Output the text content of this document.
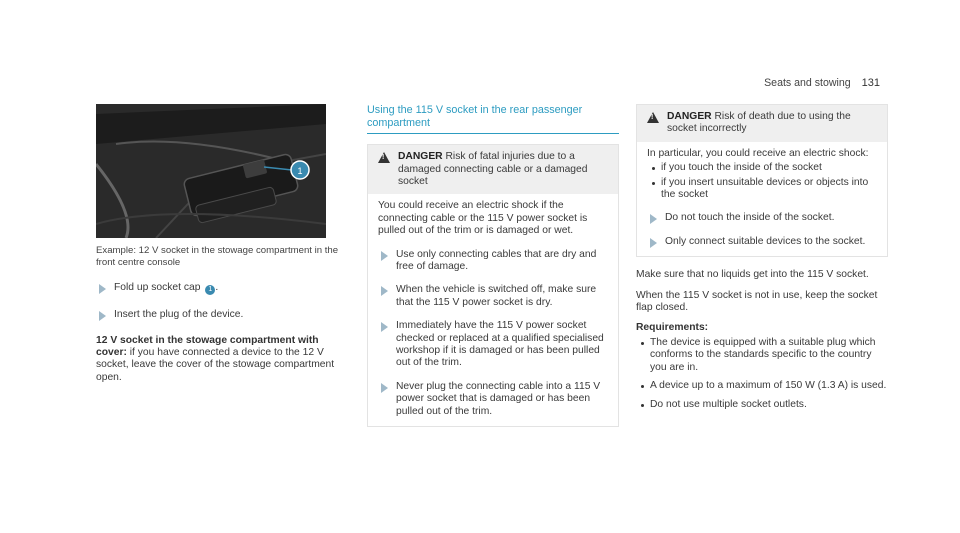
Seats and stowing 131
1
Example: 12 V socket in the stowage compartment in the front centre console
Fold up socket cap 1 .
Insert the plug of the device.
12 V socket in the stowage compartment with
cover: if you have connected a device to the 12 V socket, leave the cover of the stowage compartment open.
Using the 115 V socket in the rear passenger compartment
!
DANGER Risk of fatal injuries due to a damaged connecting cable or a damaged socket
You could receive an electric shock if the connecting cable or the 115 V power socket is pulled out of the trim or is damaged or wet.
Use only connecting cables that are dry and free of damage.
When the vehicle is switched off, make sure that the 115 V power socket is dry.
Immediately have the 115 V power socket checked or replaced at a qualified specialised workshop if it is damaged or has been pulled out of the trim.
Never plug the connecting cable into a 115 V power socket that is damaged or has been pulled out of the trim.
!
DANGER Risk of death due to using the socket incorrectly
In particular, you could receive an electric shock:
if you touch the inside of the socket
if you insert unsuitable devices or objects into the socket
Do not touch the inside of the socket.
Only connect suitable devices to the socket.
Make sure that no liquids get into the 115 V socket.
When the 115 V socket is not in use, keep the socket flap closed.
Requirements:
The device is equipped with a suitable plug which conforms to the standards specific to the country you are in.
A device up to a maximum of 150 W (1.3 A) is used.
Do not use multiple socket outlets.
